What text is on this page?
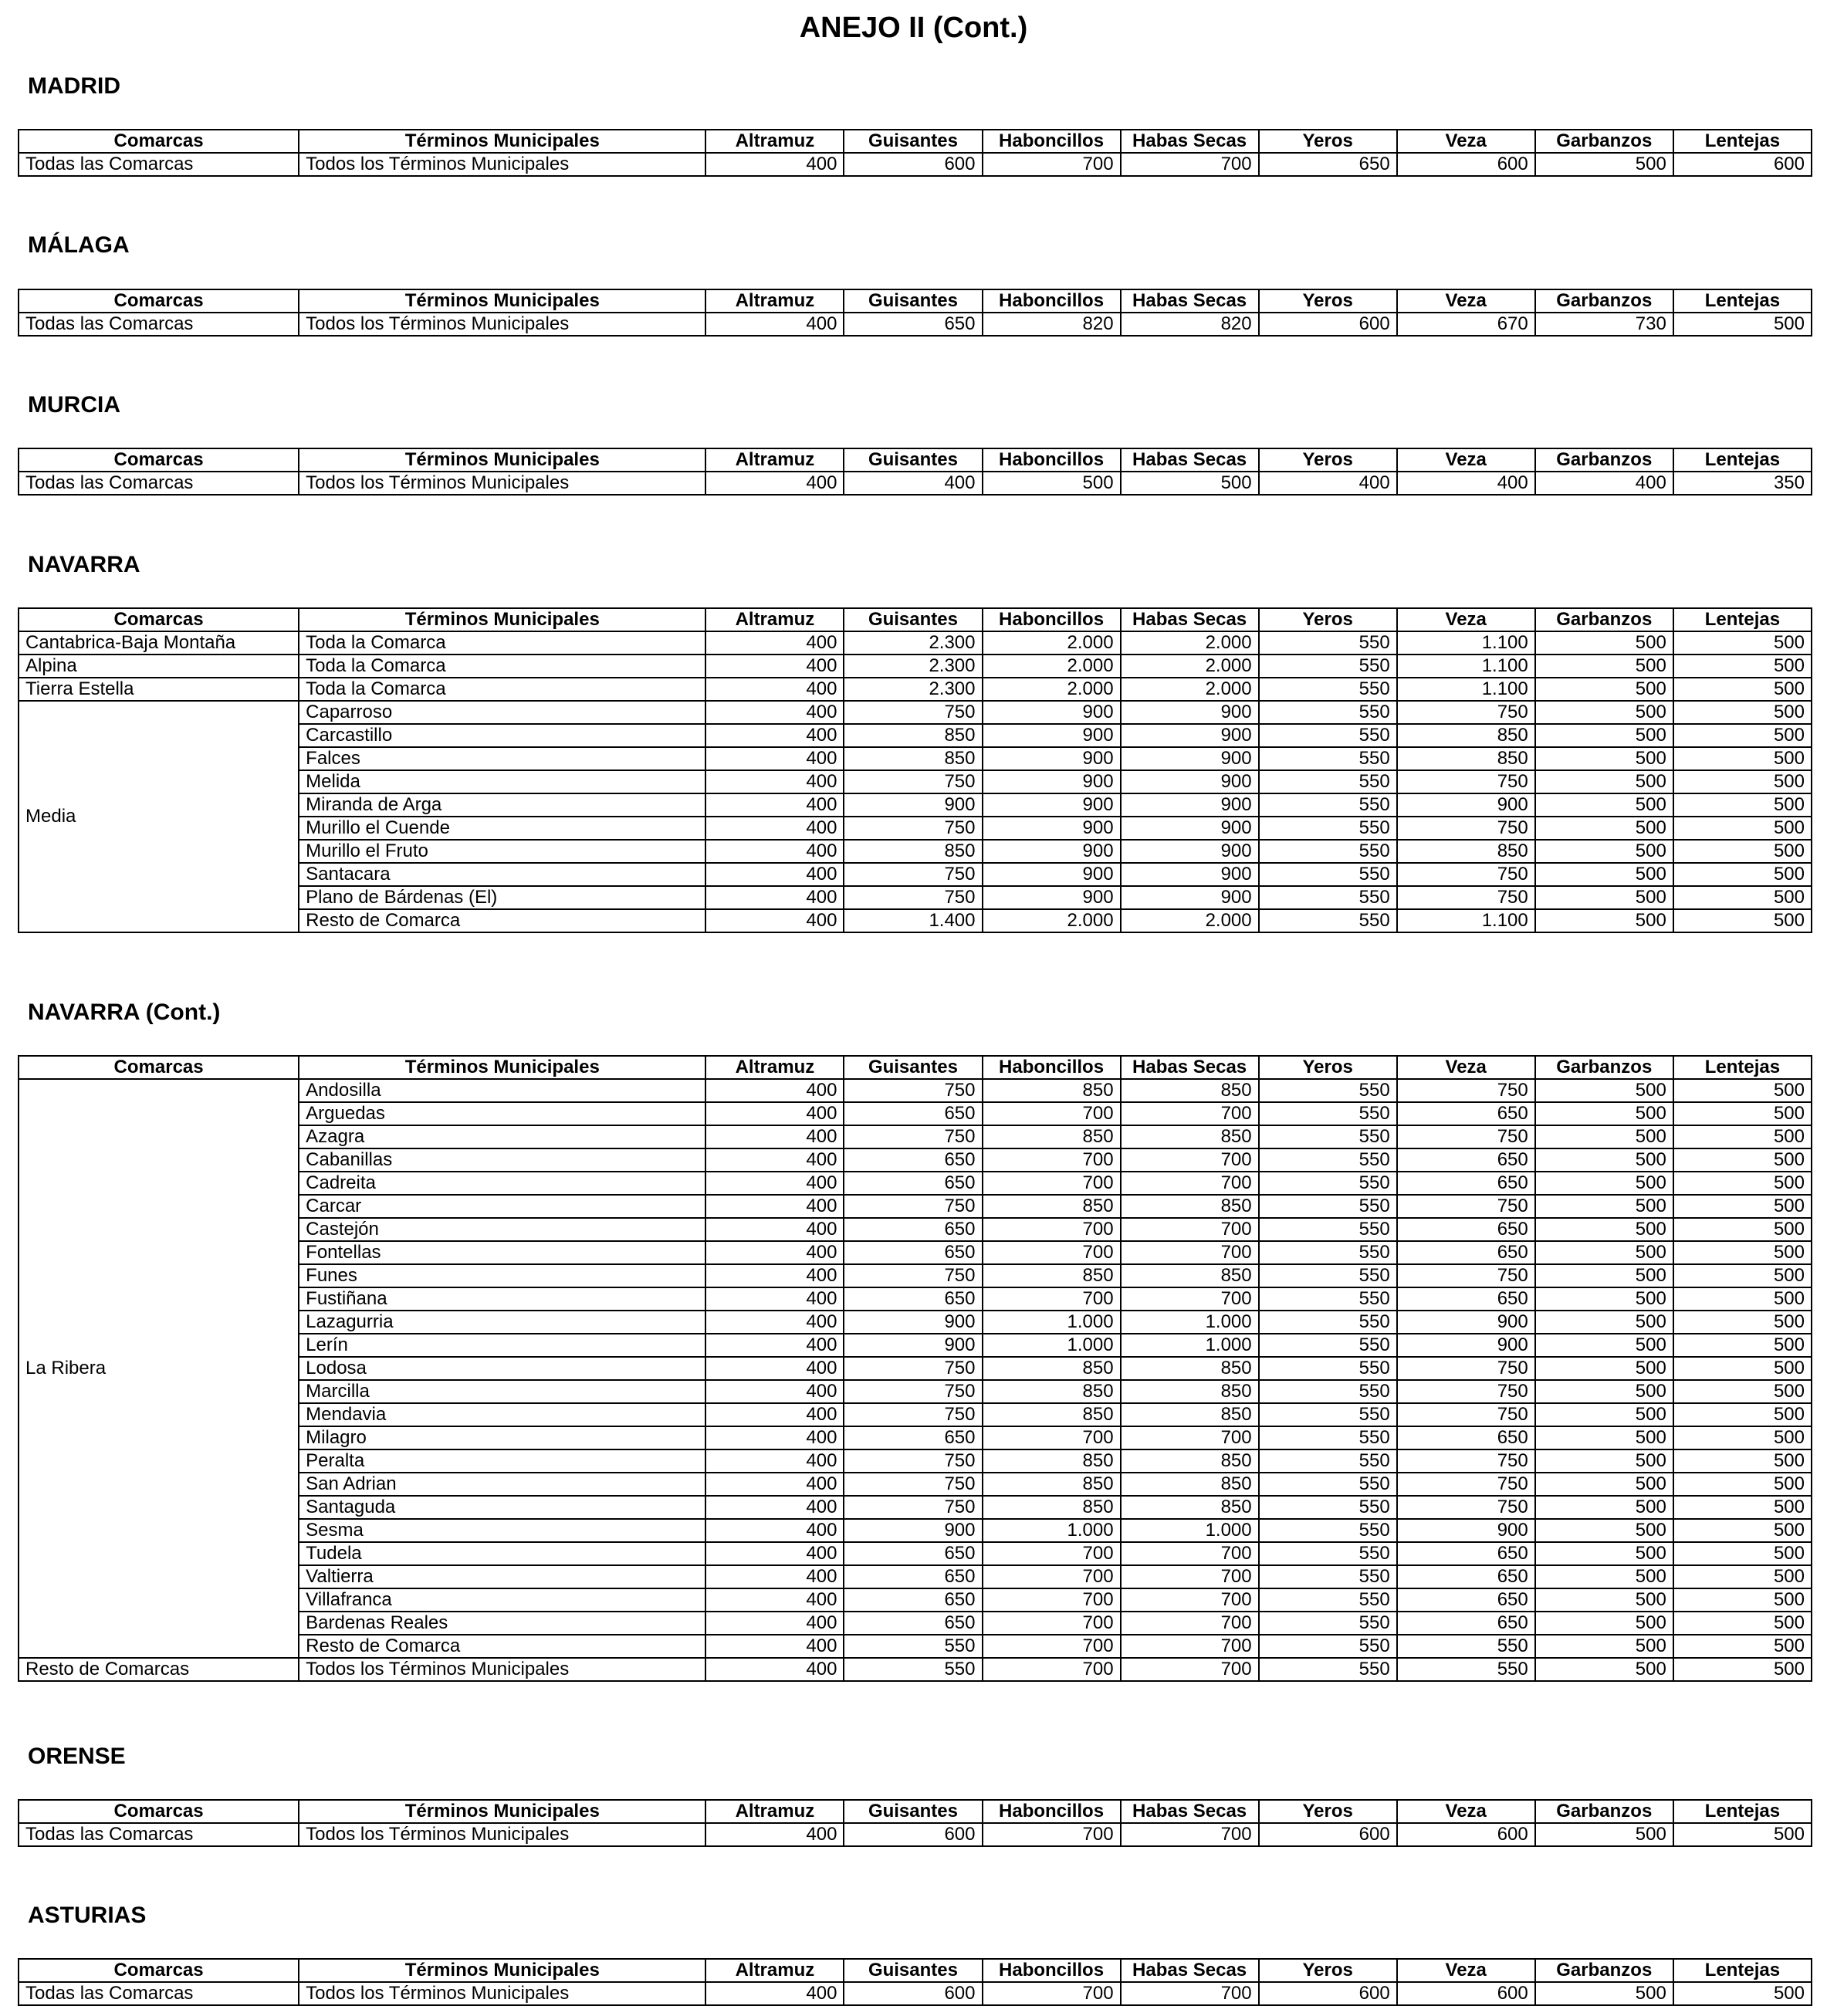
ANEJO II (Cont.)
MADRID
Comarcas	Términos Municipales	Altramuz	Guisantes	Haboncillos	Habas Secas	Yeros	Veza	Garbanzos	Lentejas
Todas las Comarcas	Todos los Términos Municipales	400	600	700	700	650	600	500	600
MÁLAGA
Comarcas	Términos Municipales	Altramuz	Guisantes	Haboncillos	Habas Secas	Yeros	Veza	Garbanzos	Lentejas
Todas las Comarcas	Todos los Términos Municipales	400	650	820	820	600	670	730	500
MURCIA
Comarcas	Términos Municipales	Altramuz	Guisantes	Haboncillos	Habas Secas	Yeros	Veza	Garbanzos	Lentejas
Todas las Comarcas	Todos los Términos Municipales	400	400	500	500	400	400	400	350
NAVARRA
Comarcas	Términos Municipales	Altramuz	Guisantes	Haboncillos	Habas Secas	Yeros	Veza	Garbanzos	Lentejas
Cantabrica-Baja Montaña	Toda la Comarca	400	2.300	2.000	2.000	550	1.100	500	500
Alpina	Toda la Comarca	400	2.300	2.000	2.000	550	1.100	500	500
Tierra Estella	Toda la Comarca	400	2.300	2.000	2.000	550	1.100	500	500
Media	Caparroso	400	750	900	900	550	750	500	500
	Carcastillo	400	850	900	900	550	850	500	500
	Falces	400	850	900	900	550	850	500	500
	Melida	400	750	900	900	550	750	500	500
	Miranda de Arga	400	900	900	900	550	900	500	500
	Murillo el Cuende	400	750	900	900	550	750	500	500
	Murillo el Fruto	400	850	900	900	550	850	500	500
	Santacara	400	750	900	900	550	750	500	500
	Plano de Bárdenas (El)	400	750	900	900	550	750	500	500
	Resto de Comarca	400	1.400	2.000	2.000	550	1.100	500	500
NAVARRA (Cont.)
Comarcas	Términos Municipales	Altramuz	Guisantes	Haboncillos	Habas Secas	Yeros	Veza	Garbanzos	Lentejas
La Ribera	Andosilla	400	750	850	850	550	750	500	500
	Arguedas	400	650	700	700	550	650	500	500
	Azagra	400	750	850	850	550	750	500	500
	Cabanillas	400	650	700	700	550	650	500	500
	Cadreita	400	650	700	700	550	650	500	500
	Carcar	400	750	850	850	550	750	500	500
	Castejón	400	650	700	700	550	650	500	500
	Fontellas	400	650	700	700	550	650	500	500
	Funes	400	750	850	850	550	750	500	500
	Fustiñana	400	650	700	700	550	650	500	500
	Lazagurria	400	900	1.000	1.000	550	900	500	500
	Lerín	400	900	1.000	1.000	550	900	500	500
	Lodosa	400	750	850	850	550	750	500	500
	Marcilla	400	750	850	850	550	750	500	500
	Mendavia	400	750	850	850	550	750	500	500
	Milagro	400	650	700	700	550	650	500	500
	Peralta	400	750	850	850	550	750	500	500
	San Adrian	400	750	850	850	550	750	500	500
	Santaguda	400	750	850	850	550	750	500	500
	Sesma	400	900	1.000	1.000	550	900	500	500
	Tudela	400	650	700	700	550	650	500	500
	Valtierra	400	650	700	700	550	650	500	500
	Villafranca	400	650	700	700	550	650	500	500
	Bardenas Reales	400	650	700	700	550	650	500	500
	Resto de Comarca	400	550	700	700	550	550	500	500
Resto de Comarcas	Todos los Términos Municipales	400	550	700	700	550	550	500	500
ORENSE
Comarcas	Términos Municipales	Altramuz	Guisantes	Haboncillos	Habas Secas	Yeros	Veza	Garbanzos	Lentejas
Todas las Comarcas	Todos los Términos Municipales	400	600	700	700	600	600	500	500
ASTURIAS
Comarcas	Términos Municipales	Altramuz	Guisantes	Haboncillos	Habas Secas	Yeros	Veza	Garbanzos	Lentejas
Todas las Comarcas	Todos los Términos Municipales	400	600	700	700	600	600	500	500
